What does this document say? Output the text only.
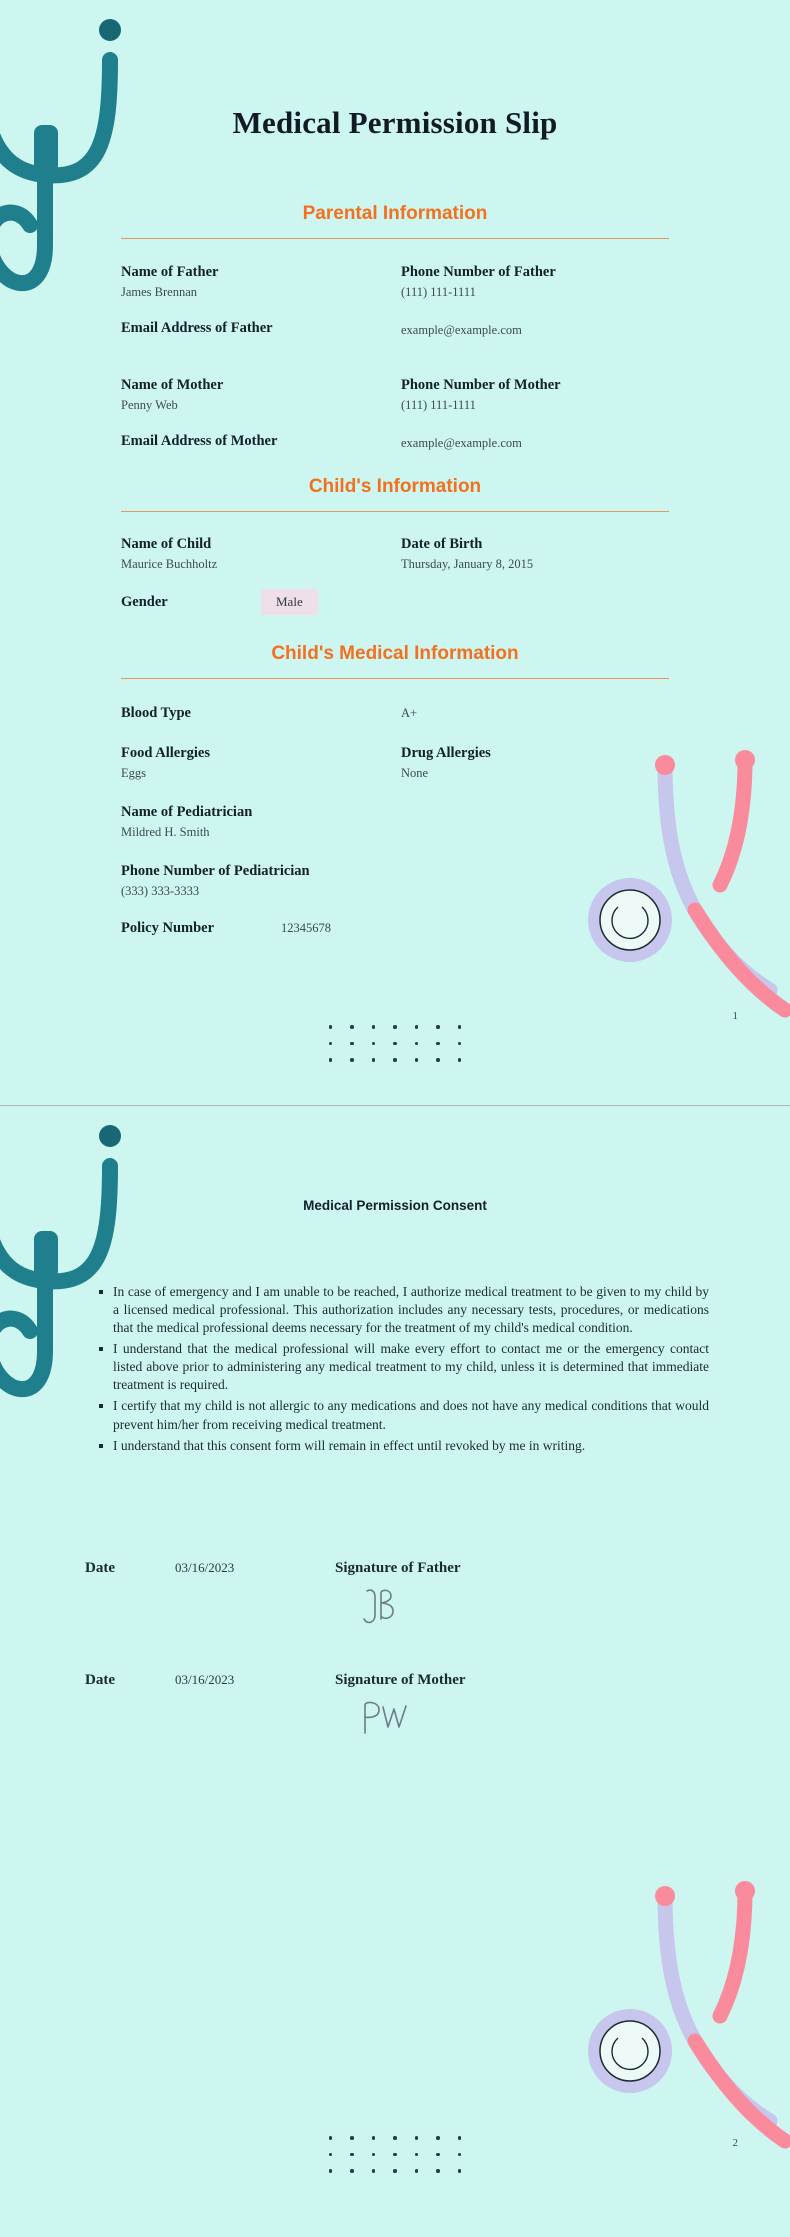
Medical Permission Slip
Parental Information
Name of Father
James Brennan
Phone Number of Father
(111) 111-1111
Email Address of Father	example@example.com
Name of Mother
Penny Web
Phone Number of Mother
(111) 111-1111
Email Address of Mother	example@example.com
Child's Information
Name of Child
Maurice Buchholtz
Date of Birth
Thursday, January 8, 2015
Gender	Male
Child's Medical Information
Blood Type	A+
Food Allergies
Eggs
Drug Allergies
None
Name of Pediatrician
Mildred H. Smith
Phone Number of Pediatrician
(333) 333-3333
Policy Number	12345678
1
Medical Permission Consent
In case of emergency and I am unable to be reached, I authorize medical treatment to be given to my child by a licensed medical professional. This authorization includes any necessary tests, procedures, or medications that the medical professional deems necessary for the treatment of my child's medical condition.
I understand that the medical professional will make every effort to contact me or the emergency contact listed above prior to administering any medical treatment to my child, unless it is determined that immediate treatment is required.
I certify that my child is not allergic to any medications and does not have any medical conditions that would prevent him/her from receiving medical treatment.
I understand that this consent form will remain in effect until revoked by me in writing.
Date	03/16/2023	Signature of Father
Date	03/16/2023	Signature of Mother
2
